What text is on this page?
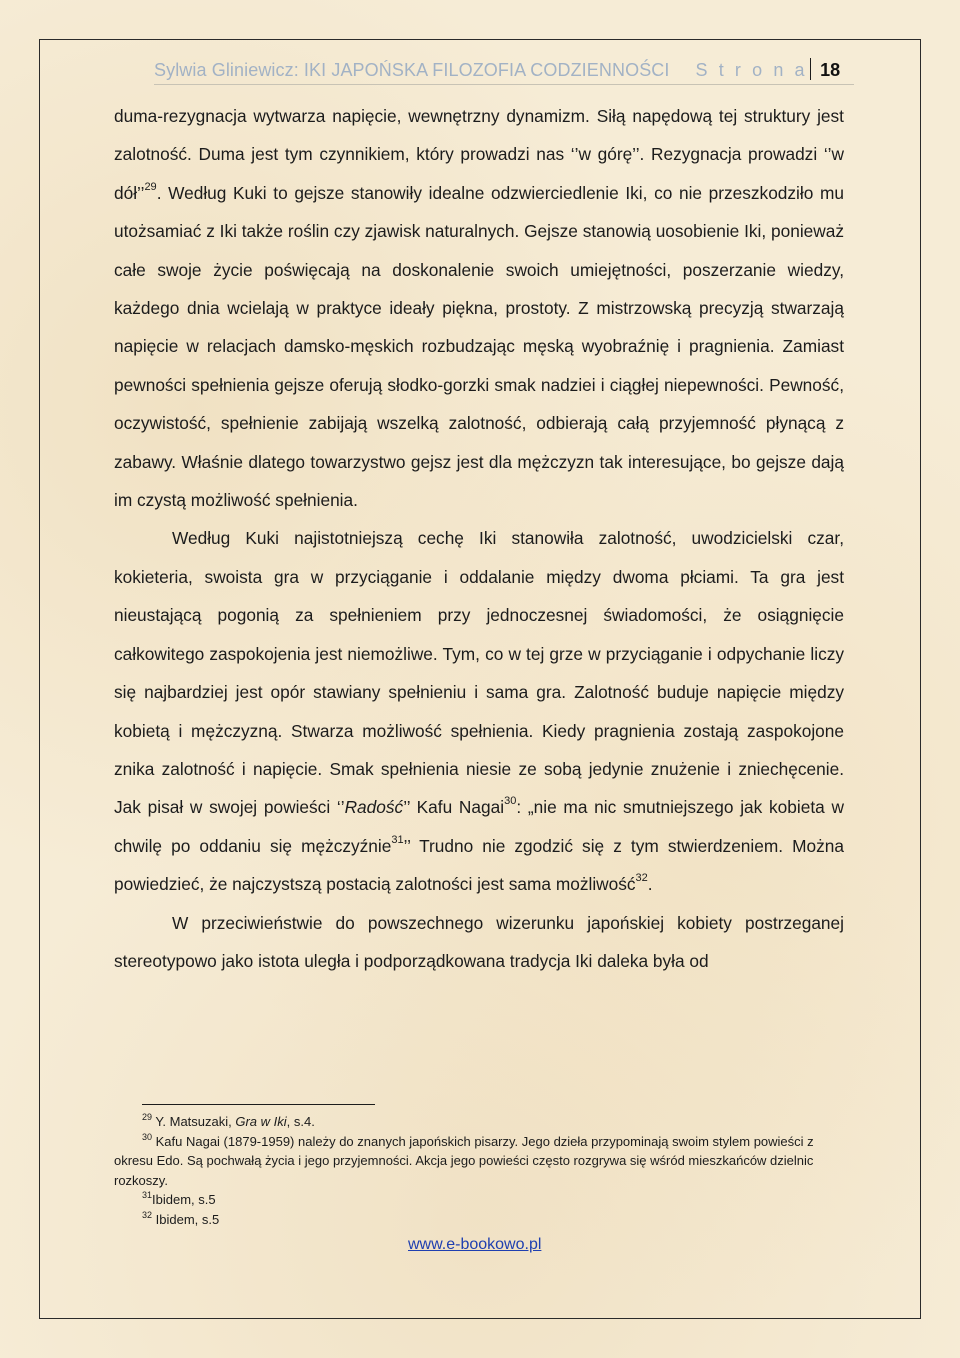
Sylwia Gliniewicz: IKI JAPOŃSKA FILOZOFIA CODZIENNOŚCI S t r o n a 18

duma-rezygnacja wytwarza napięcie, wewnętrzny dynamizm. Siłą napędową tej struktury jest zalotność. Duma jest tym czynnikiem, który prowadzi nas ‘’w górę’’. Rezygnacja prowadzi ‘’w dół’’$^{29}$. Według Kuki to gejsze stanowiły idealne odzwierciedlenie Iki, co nie przeszkodziło mu utożsamiać z Iki także roślin czy zjawisk naturalnych. Gejsze stanowią uosobienie Iki, ponieważ całe swoje życie poświęcają na doskonalenie swoich umiejętności, poszerzanie wiedzy, każdego dnia wcielają w praktyce ideały piękna, prostoty. Z mistrzowską precyzją stwarzają napięcie w relacjach damsko-męskich rozbudzając męską wyobraźnię i pragnienia. Zamiast pewności spełnienia gejsze oferują słodko-gorzki smak nadziei i ciągłej niepewności. Pewność, oczywistość, spełnienie zabijają wszelką zalotność, odbierają całą przyjemność płynącą z zabawy. Właśnie dlatego towarzystwo gejsz jest dla mężczyzn tak interesujące, bo gejsze dają im czystą możliwość spełnienia.

Według Kuki najistotniejszą cechę Iki stanowiła zalotność, uwodzicielski czar, kokieteria, swoista gra w przyciąganie i oddalanie między dwoma płciami. Ta gra jest nieustającą pogonią za spełnieniem przy jednoczesnej świadomości, że osiągnięcie całkowitego zaspokojenia jest niemożliwe. Tym, co w tej grze w przyciąganie i odpychanie liczy się najbardziej jest opór stawiany spełnieniu i sama gra. Zalotność buduje napięcie między kobietą i mężczyzną. Stwarza możliwość spełnienia. Kiedy pragnienia zostają zaspokojone znika zalotność i napięcie. Smak spełnienia niesie ze sobą jedynie znużenie i zniechęcenie. Jak pisał w swojej powieści ‘’Radość’’ Kafu Nagai$^{30}$: „nie ma nic smutniejszego jak kobieta w chwilę po oddaniu się mężczyźnie$^{31}$’’ Trudno nie zgodzić się z tym stwierdzeniem. Można powiedzieć, że najczystszą postacią zalotności jest sama możliwość$^{32}$.

W przeciwieństwie do powszechnego wizerunku japońskiej kobiety postrzeganej stereotypowo jako istota uległa i podporządkowana tradycja Iki daleka była od

$^{29}$ Y. Matsuzaki, Gra w Iki, s.4.

$^{30}$ Kafu Nagai (1879-1959) należy do znanych japońskich pisarzy. Jego dzieła przypominają swoim stylem powieści z okresu Edo. Są pochwałą życia i jego przyjemności. Akcja jego powieści często rozgrywa się wśród mieszkańców dzielnic rozkoszy.

$^{31}$Ibidem, s.5

$^{32}$ Ibidem, s.5

www.e-bookowo.pl
